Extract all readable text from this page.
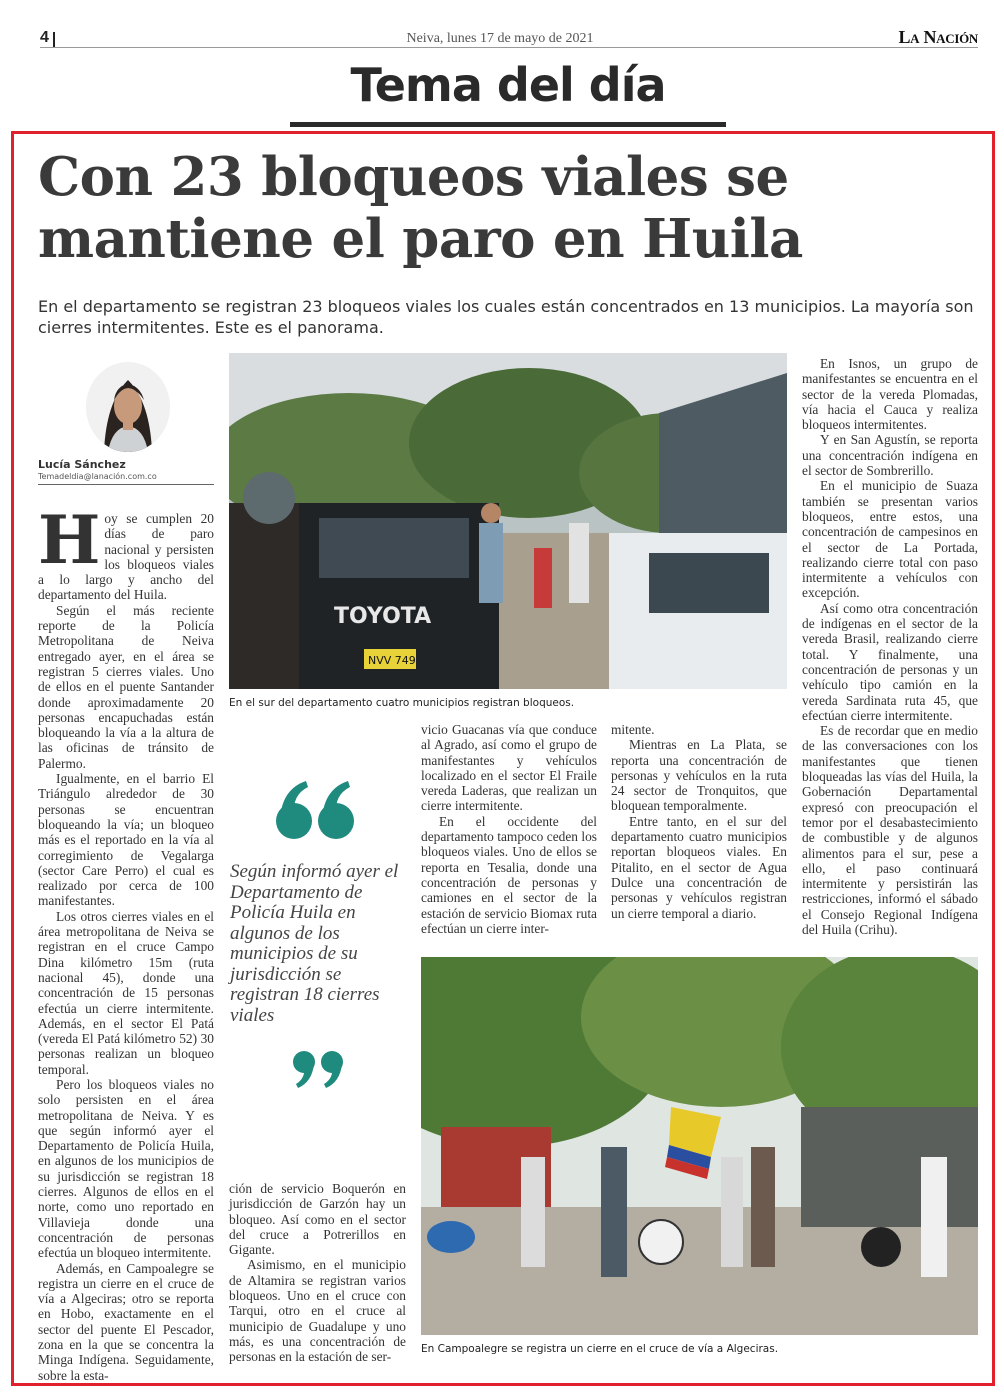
4	Neiva, lunes 17 de mayo de 2021	La Nación
Tema del día
Con 23 bloqueos viales se mantiene el paro en Huila
En el departamento se registran 23 bloqueos viales los cuales están concentrados en 13 municipios. La mayoría son cierres intermitentes. Este es el panorama.
Lucía Sánchez
Temadeldia@lanación.com.co

Hoy se cumplen 20 días de paro nacional y persisten los bloqueos viales a lo largo y ancho del departamento del Huila.

Según el más reciente reporte de la Policía Metropolitana de Neiva entregado ayer, en el área se registran 5 cierres viales. Uno de ellos en el puente Santander donde aproximadamente 20 personas encapuchadas están bloqueando la vía a la altura de las oficinas de tránsito de Palermo.

Igualmente, en el barrio El Triángulo alrededor de 30 personas se encuentran bloqueando la vía; un bloqueo más es el reportado en la vía al corregimiento de Vegalarga (sector Care Perro) el cual es realizado por cerca de 100 manifestantes.

Los otros cierres viales en el área metropolitana de Neiva se registran en el cruce Campo Dina kilómetro 15m (ruta nacional 45), donde una concentración de 15 personas efectúa un cierre intermitente. Además, en el sector El Patá (vereda El Patá kilómetro 52) 30 personas realizan un bloqueo temporal.

Pero los bloqueos viales no solo persisten en el área metropolitana de Neiva. Y es que según informó ayer el Departamento de Policía Huila, en algunos de los municipios de su jurisdicción se registran 18 cierres. Algunos de ellos en el norte, como uno reportado en Villavieja donde una concentración de personas efectúa un bloqueo intermitente.

Además, en Campoalegre se registra un cierre en el cruce de vía a Algeciras; otro se reporta en Hobo, exactamente en el sector del puente El Pescador, zona en la que se concentra la Minga Indígena. Seguidamente, sobre la esta-

TOYOTA
NVV 749
En el sur del departamento cuatro municipios registran bloqueos.
Según informó ayer el Departamento de Policía Huila en algunos de los municipios de su jurisdicción se registran 18 cierres viales

ción de servicio Boquerón en jurisdicción de Garzón hay un bloqueo. Así como en el sector del cruce a Potrerillos en Gigante.

Asimismo, en el municipio de Altamira se registran varios bloqueos. Uno en el cruce con Tarqui, otro en el cruce al municipio de Guadalupe y uno más, es una concentración de personas en la estación de ser-

vicio Guacanas vía que conduce al Agrado, así como el grupo de manifestantes y vehículos localizado en el sector El Fraile vereda Laderas, que realizan un cierre intermitente.

En el occidente del departamento tampoco ceden los bloqueos viales. Uno de ellos se reporta en Tesalia, donde una concentración de personas y camiones en el sector de la estación de servicio Biomax ruta efectúan un cierre inter-

mitente.

Mientras en La Plata, se reporta una concentración de personas y vehículos en la ruta 24 sector de Tronquitos, que bloquean temporalmente.

Entre tanto, en el sur del departamento cuatro municipios reportan bloqueos viales. En Pitalito, en el sector de Agua Dulce una concentración de personas y vehículos registran un cierre temporal a diario.

En Isnos, un grupo de manifestantes se encuentra en el sector de la vereda Plomadas, vía hacia el Cauca y realiza bloqueos intermitentes.

Y en San Agustín, se reporta una concentración indígena en el sector de Sombrerillo.

En el municipio de Suaza también se presentan varios bloqueos, entre estos, una concentración de campesinos en el sector de La Portada, realizando cierre total con paso intermitente a vehículos con excepción.

Así como otra concentración de indígenas en el sector de la vereda Brasil, realizando cierre total. Y finalmente, una concentración de personas y un vehículo tipo camión en la vereda Sardinata ruta 45, que efectúan cierre intermitente.

Es de recordar que en medio de las conversaciones con los manifestantes que tienen bloqueadas las vías del Huila, la Gobernación Departamental expresó con preocupación el temor por el desabastecimiento de combustible y de algunos alimentos para el sur, pese a ello, el paso continuará intermitente y persistirán las restricciones, informó el sábado el Consejo Regional Indígena del Huila (Crihu).

En Campoalegre se registra un cierre en el cruce de vía a Algeciras.
